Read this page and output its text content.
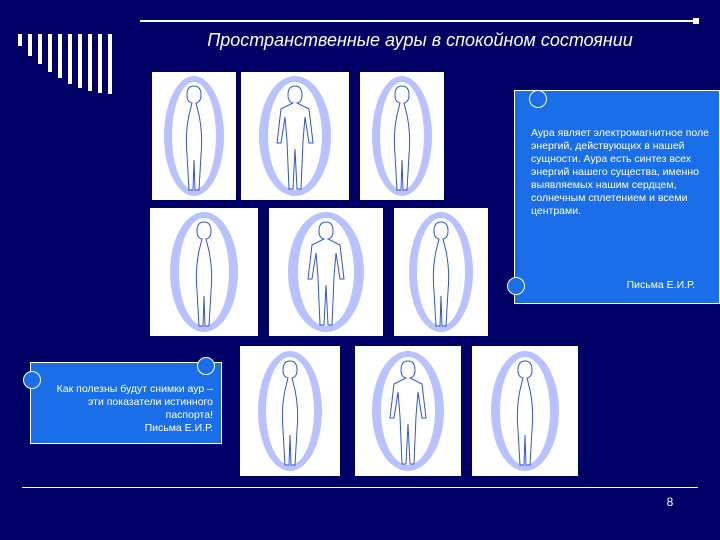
Пространственные ауры в спокойном состоянии
Аура являет электромагнитное поле энергий, действующих в нашей сущности. Аура есть синтез всех энергий нашего существа, именно выявляемых нашим сердцем, солнечным сплетением и всеми центрами.
Письма Е.И.Р.
Как полезны будут снимки аур – эти показатели истинного паспорта!
Письма Е.И.Р.
8
